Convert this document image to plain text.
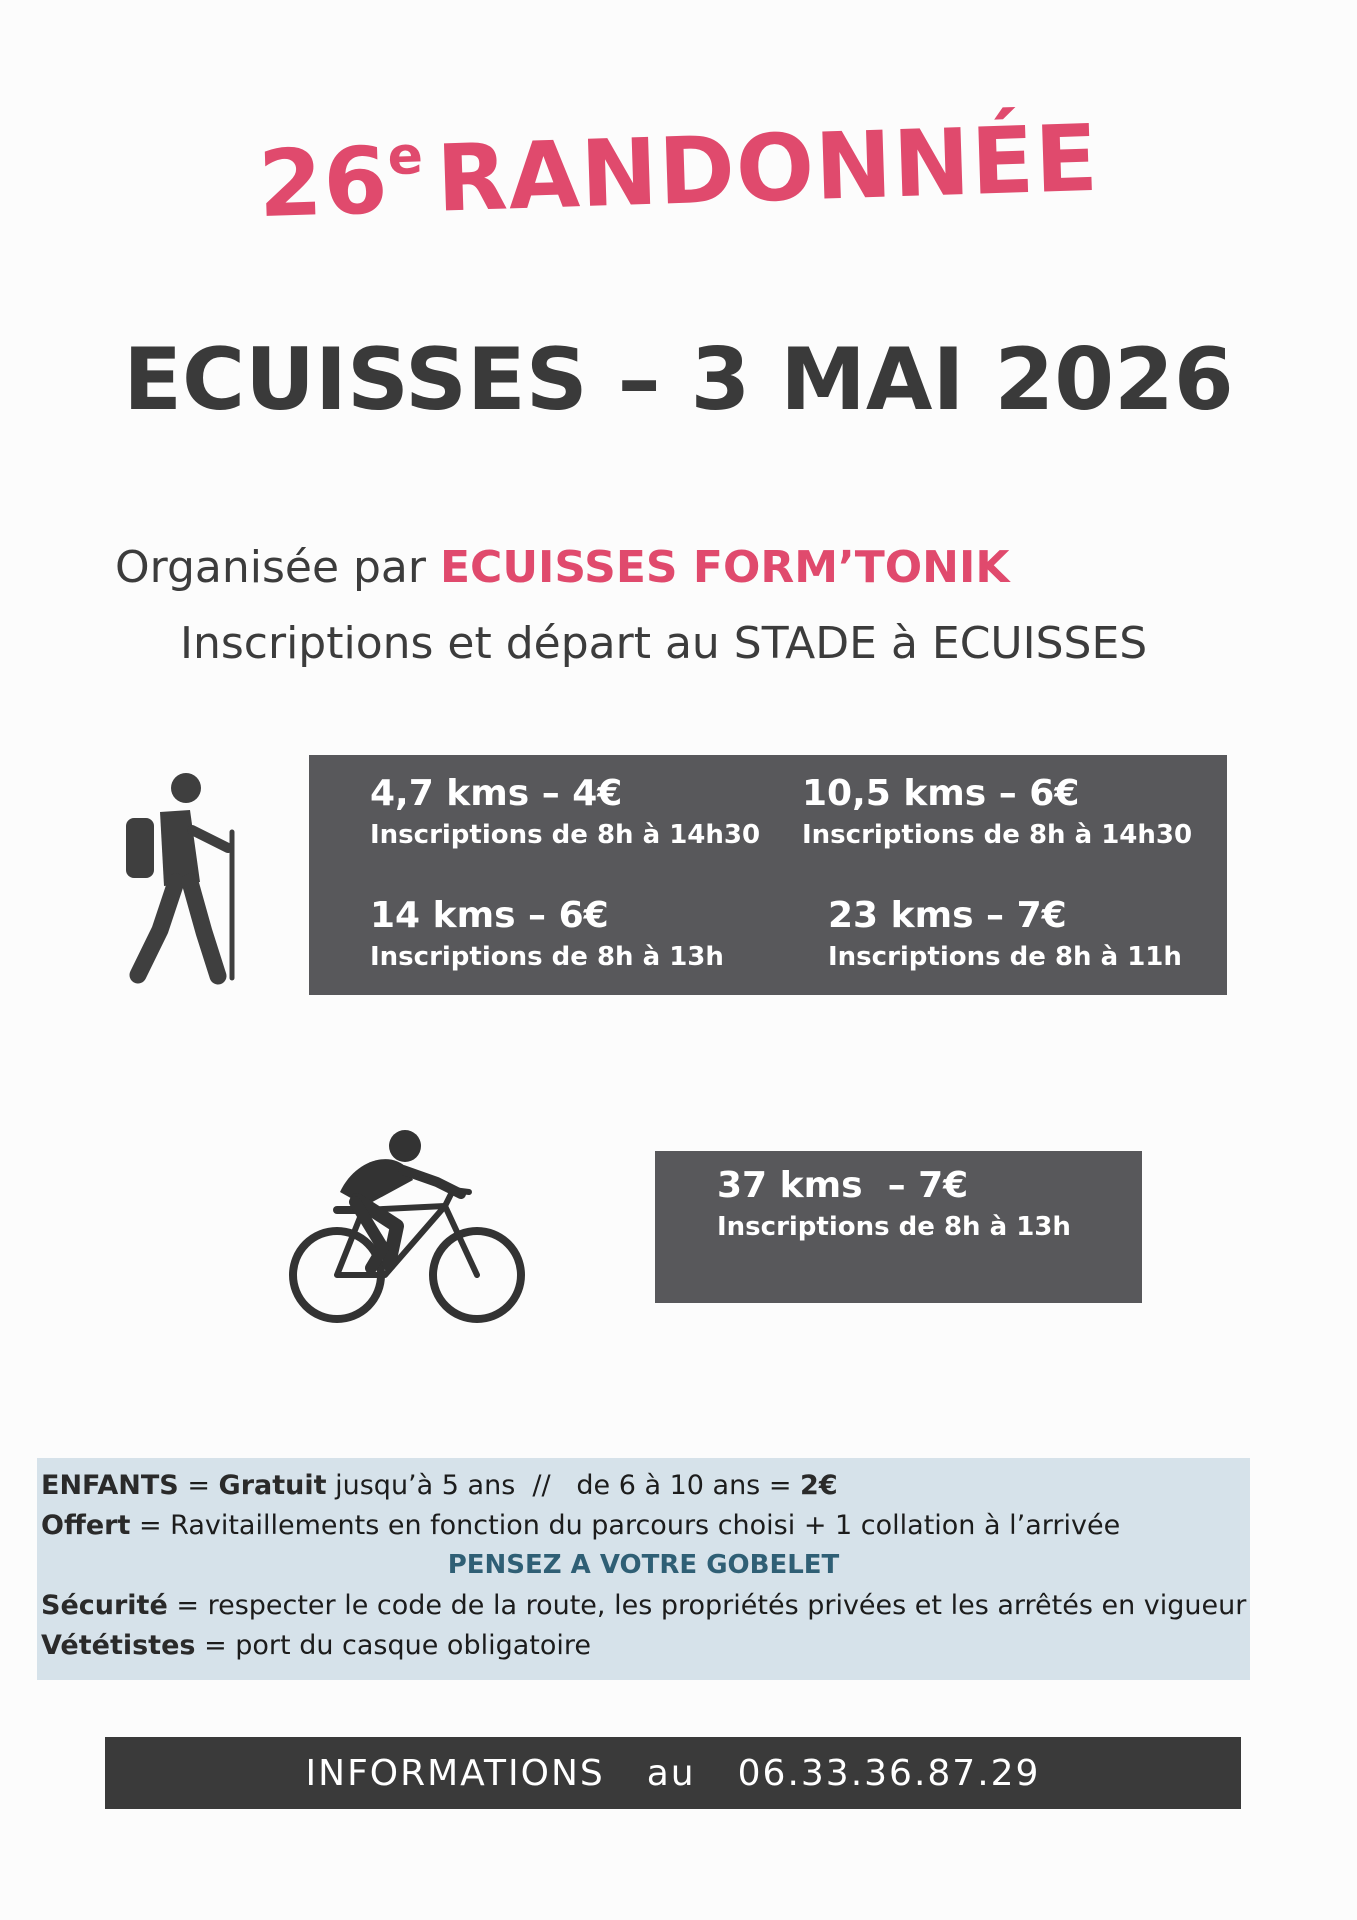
26e RANDONNÉE
ECUISSES – 3 MAI 2026
Organisée par ECUISSES FORM’TONIK
Inscriptions et départ au STADE à ECUISSES
4,7 kms – 4€
Inscriptions de 8h à 14h30
10,5 kms – 6€
Inscriptions de 8h à 14h30
14 kms – 6€
Inscriptions de 8h à 13h
23 kms – 7€
Inscriptions de 8h à 11h
37 kms  – 7€
Inscriptions de 8h à 13h
ENFANTS = Gratuit jusqu’à 5 ans  //   de 6 à 10 ans = 2€
Offert = Ravitaillements en fonction du parcours choisi + 1 collation à l’arrivée
PENSEZ A VOTRE GOBELET
Sécurité = respecter le code de la route, les propriétés privées et les arrêtés en vigueur
Vététistes = port du casque obligatoire
INFORMATIONS au 06.33.36.87.29
